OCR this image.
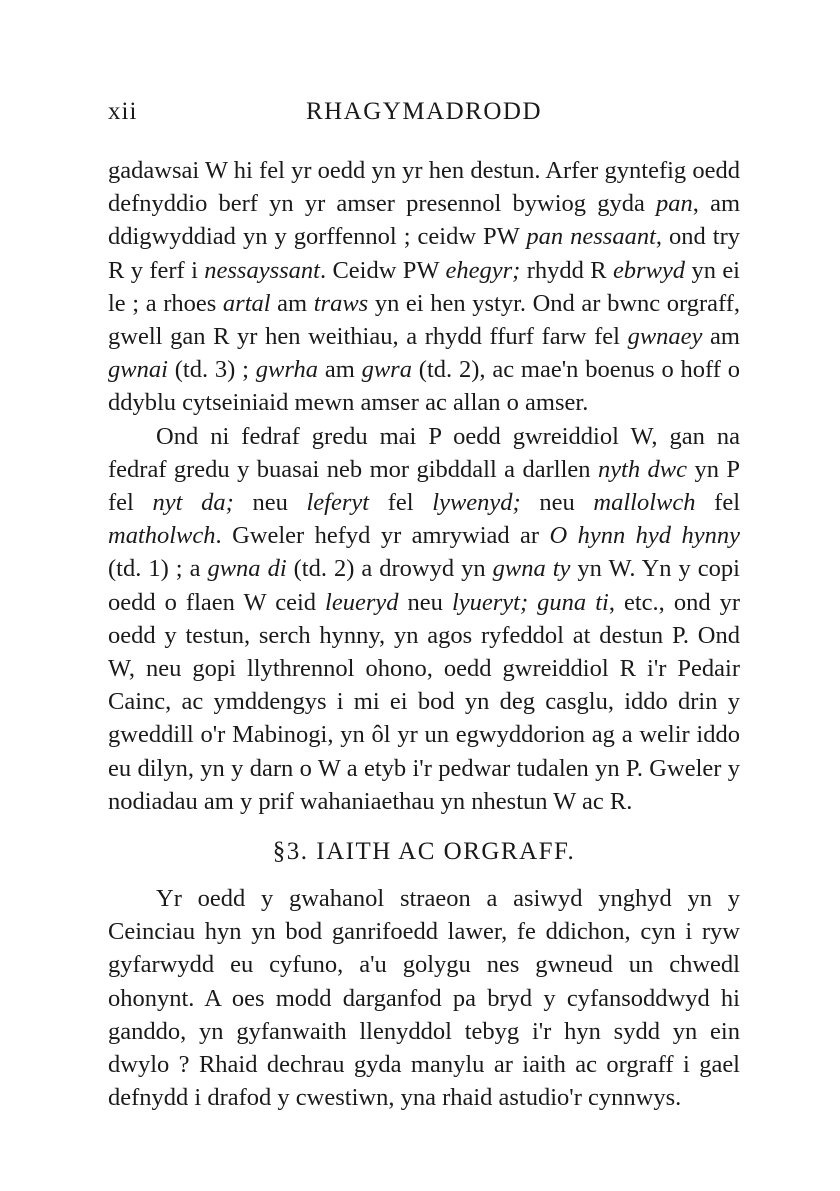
xii	RHAGYMADRODD

gadawsai W hi fel yr oedd yn yr hen destun. Arfer gyntefig oedd defnyddio berf yn yr amser presennol bywiog gyda pan, am ddigwyddiad yn y gorffennol ; ceidw PW pan nessaant, ond try R y ferf i nessayssant. Ceidw PW ehegyr; rhydd R ebrwyd yn ei le ; a rhoes artal am traws yn ei hen ystyr. Ond ar bwnc orgraff, gwell gan R yr hen weithiau, a rhydd ffurf farw fel gwnaey am gwnai (td. 3) ; gwrha am gwra (td. 2), ac mae'n boenus o hoff o ddyblu cytseiniaid mewn amser ac allan o amser.

Ond ni fedraf gredu mai P oedd gwreiddiol W, gan na fedraf gredu y buasai neb mor gibddall a darllen nyth dwc yn P fel nyt da; neu leferyt fel lywenyd; neu mallolwch fel matholwch. Gweler hefyd yr amrywiad ar O hynn hyd hynny (td. 1) ; a gwna di (td. 2) a drowyd yn gwna ty yn W. Yn y copi oedd o flaen W ceid leueryd neu lyueryt; guna ti, etc., ond yr oedd y testun, serch hynny, yn agos ryfeddol at destun P. Ond W, neu gopi llythrennol ohono, oedd gwreiddiol R i'r Pedair Cainc, ac ymddengys i mi ei bod yn deg casglu, iddo drin y gweddill o'r Mabinogi, yn ôl yr un egwyddorion ag a welir iddo eu dilyn, yn y darn o W a etyb i'r pedwar tudalen yn P. Gweler y nodiadau am y prif wahaniaethau yn nhestun W ac R.

§3. IAITH AC ORGRAFF.

Yr oedd y gwahanol straeon a asiwyd ynghyd yn y Ceinciau hyn yn bod ganrifoedd lawer, fe ddichon, cyn i ryw gyfarwydd eu cyfuno, a'u golygu nes gwneud un chwedl ohonynt. A oes modd darganfod pa bryd y cyfansoddwyd hi ganddo, yn gyfanwaith llenyddol tebyg i'r hyn sydd yn ein dwylo ? Rhaid dechrau gyda manylu ar iaith ac orgraff i gael defnydd i drafod y cwestiwn, yna rhaid astudio'r cynnwys.
